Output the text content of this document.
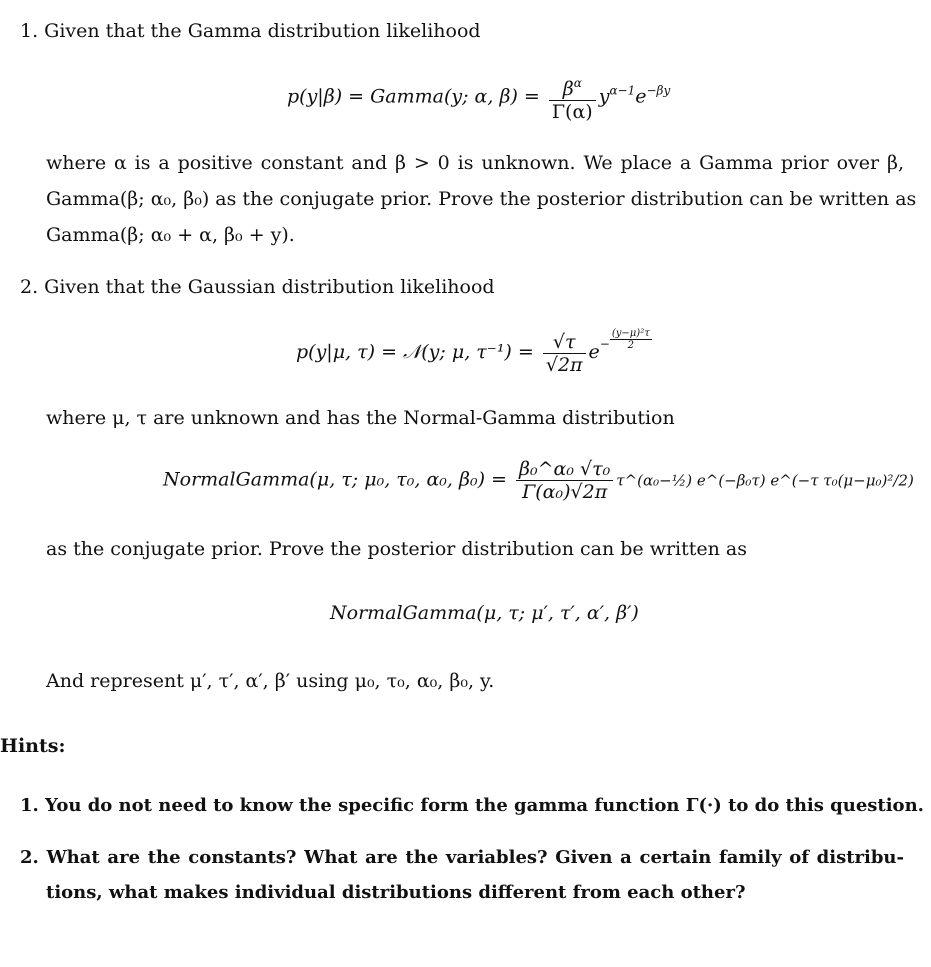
1. Given that the Gamma distribution likelihood
p(y|β) = Gamma(y; α, $\beta) = \frac{\beta^\alpha}{\Gamma(\alpha)} y^{\alpha-1}e^{-\beta y}$
where α is a positive constant and β > 0 is unknown. We place a Gamma prior over β,
Gamma(β; α₀, β₀) as the conjugate prior. Prove the posterior distribution can be written as
Gamma(β; α₀ + α, β₀ + y).
2. Given that the Gaussian distribution likelihood
p(y|μ, τ) = 𝒩(y; μ, $\tau^{-1}) = \frac{√\tau}{√2\pi} e^- \frac{\text{(y−μ)²τ}}{2}$
where μ, τ are unknown and has the Normal-Gamma distribution
NormalGamma(μ, τ; μ₀, τ₀, α₀, $\beta_0) = \frac{\text{β₀\textasciicircum{}α₀ √τ₀}}{\text{Γ(α₀)√2π}}$ τ^(α₀−½) e^(−β₀τ) e^(−τ τ₀(μ−μ₀)²/2)
as the conjugate prior. Prove the posterior distribution can be written as
NormalGamma(μ, τ; μ′, τ′, α′, β′)
And represent μ′, τ′, α′, β′ using μ₀, τ₀, α₀, β₀, y.
Hints:
1. You do not need to know the specific form the gamma function Γ(·) to do this question.
2. What are the constants? What are the variables? Given a certain family of distribu-
tions, what makes individual distributions different from each other?
